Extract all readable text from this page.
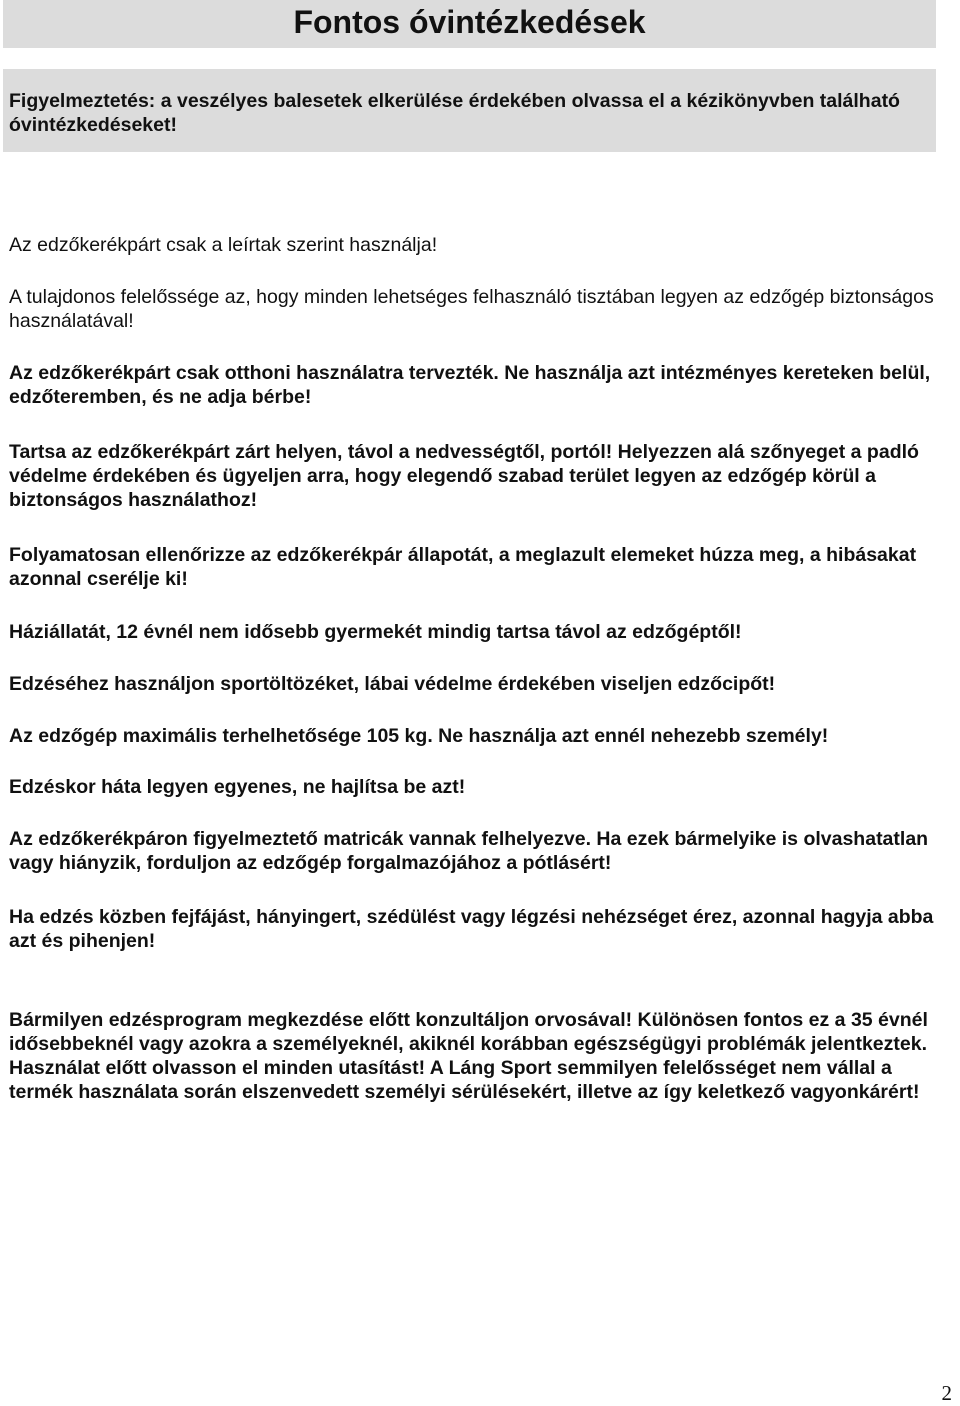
Fontos óvintézkedések

Figyelmeztetés: a veszélyes balesetek elkerülése érdekében olvassa el a kézikönyvben található óvintézkedéseket!

Az edzőkerékpárt csak a leírtak szerint használja!

A tulajdonos felelőssége az, hogy minden lehetséges felhasználó tisztában legyen az edzőgép biztonságos használatával!

Az edzőkerékpárt csak otthoni használatra tervezték. Ne használja azt intézményes kereteken belül, edzőteremben, és ne adja bérbe!

Tartsa az edzőkerékpárt zárt helyen, távol a nedvességtől, portól! Helyezzen alá szőnyeget a padló védelme érdekében és ügyeljen arra, hogy elegendő szabad terület legyen az edzőgép körül a biztonságos használathoz!

Folyamatosan ellenőrizze az edzőkerékpár állapotát, a meglazult elemeket húzza meg, a hibásakat azonnal cserélje ki!

Háziállatát, 12 évnél nem idősebb gyermekét mindig tartsa távol az edzőgéptől!

Edzéséhez használjon sportöltözéket, lábai védelme érdekében viseljen edzőcipőt!

Az edzőgép maximális terhelhetősége 105 kg. Ne használja azt ennél nehezebb személy!

Edzéskor háta legyen egyenes, ne hajlítsa be azt!

Az edzőkerékpáron figyelmeztető matricák vannak felhelyezve. Ha ezek bármelyike is olvashatatlan vagy hiányzik, forduljon az edzőgép forgalmazójához a pótlásért!

Ha edzés közben fejfájást, hányingert, szédülést vagy légzési nehézséget érez, azonnal hagyja abba azt és pihenjen!

Bármilyen edzésprogram megkezdése előtt konzultáljon orvosával! Különösen fontos ez a 35 évnél idősebbeknél vagy azokra a személyeknél, akiknél korábban egészségügyi problémák jelentkeztek. Használat előtt olvasson el minden utasítást! A Láng Sport semmilyen felelősséget nem vállal a termék használata során elszenvedett személyi sérülésekért, illetve az így keletkező vagyonkárért!

2
